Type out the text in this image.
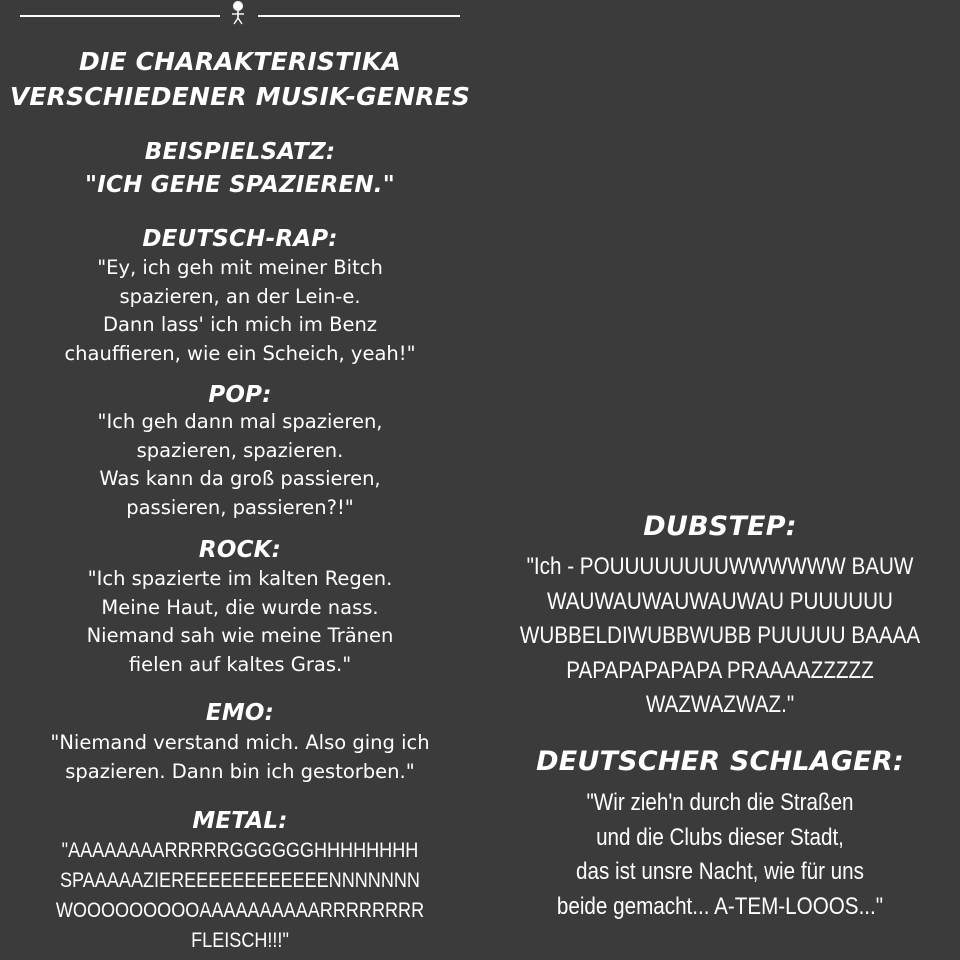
DIE CHARAKTERISTIKA
VERSCHIEDENER MUSIK-GENRES
BEISPIELSATZ:
"ICH GEHE SPAZIEREN."
DEUTSCH-RAP:
"Ey, ich geh mit meiner Bitch
spazieren, an der Lein-e.
Dann lass' ich mich im Benz
chauffieren, wie ein Scheich, yeah!"
POP:
"Ich geh dann mal spazieren,
spazieren, spazieren.
Was kann da groß passieren,
passieren, passieren?!"
ROCK:
"Ich spazierte im kalten Regen.
Meine Haut, die wurde nass.
Niemand sah wie meine Tränen
fielen auf kaltes Gras."
EMO:
"Niemand verstand mich. Also ging ich
spazieren. Dann bin ich gestorben."
METAL:
"AAAAAAAARRRRRGGGGGGHHHHHHHH
SPAAAAAZIEREEEEEEEEEEEENNNNNNN
WOOOOOOOOOAAAAAAAAAARRRRRRRR
FLEISCH!!!"
DUBSTEP:
"Ich - POUUUUUUUUWWWWWW BAUW
WAUWAUWAUWAUWAU PUUUUUU
WUBBELDIWUBBWUBB PUUUUU BAAAA
PAPAPAPAPAPA PRAAAAZZZZZ
WAZWAZWAZ."
DEUTSCHER SCHLAGER:
"Wir zieh'n durch die Straßen
und die Clubs dieser Stadt,
das ist unsre Nacht, wie für uns
beide gemacht... A-TEM-LOOOS..."
